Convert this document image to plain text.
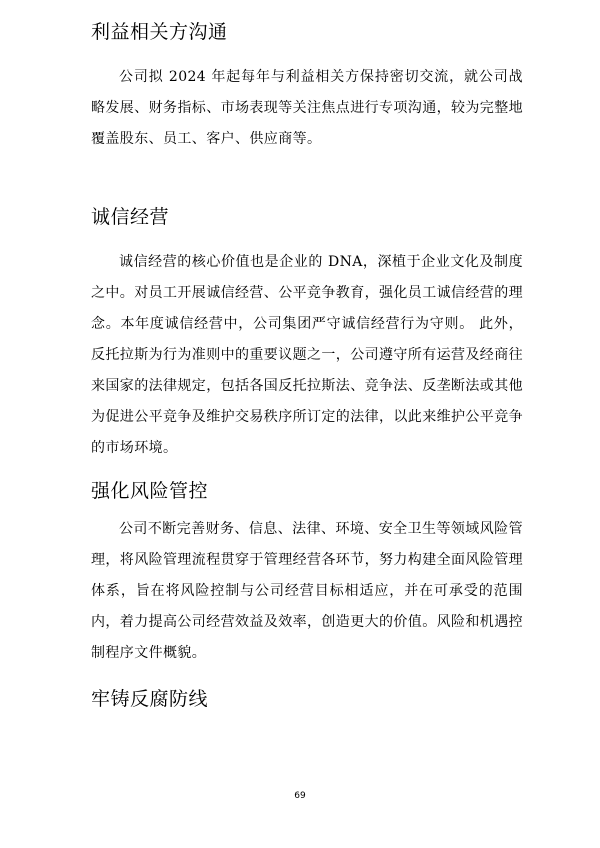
利益相关方沟通

公司拟 2024 年起每年与利益相关方保持密切交流，就公司战略发展、财务指标、市场表现等关注焦点进行专项沟通，较为完整地覆盖股东、员工、客户、供应商等。

诚信经营

诚信经营的核心价值也是企业的 DNA，深植于企业文化及制度之中。对员工开展诚信经营、公平竞争教育，强化员工诚信经营的理念。本年度诚信经营中，公司集团严守诚信经营行为守则。 此外，反托拉斯为行为准则中的重要议题之一，公司遵守所有运营及经商往来国家的法律规定，包括各国反托拉斯法、竞争法、反垄断法或其他为促进公平竞争及维护交易秩序所订定的法律，以此来维护公平竞争的市场环境。

强化风险管控

公司不断完善财务、信息、法律、环境、安全卫生等领域风险管理，将风险管理流程贯穿于管理经营各环节，努力构建全面风险管理体系，旨在将风险控制与公司经营目标相适应，并在可承受的范围内，着力提高公司经营效益及效率，创造更大的价值。风险和机遇控制程序文件概貌。

牢铸反腐防线
69
